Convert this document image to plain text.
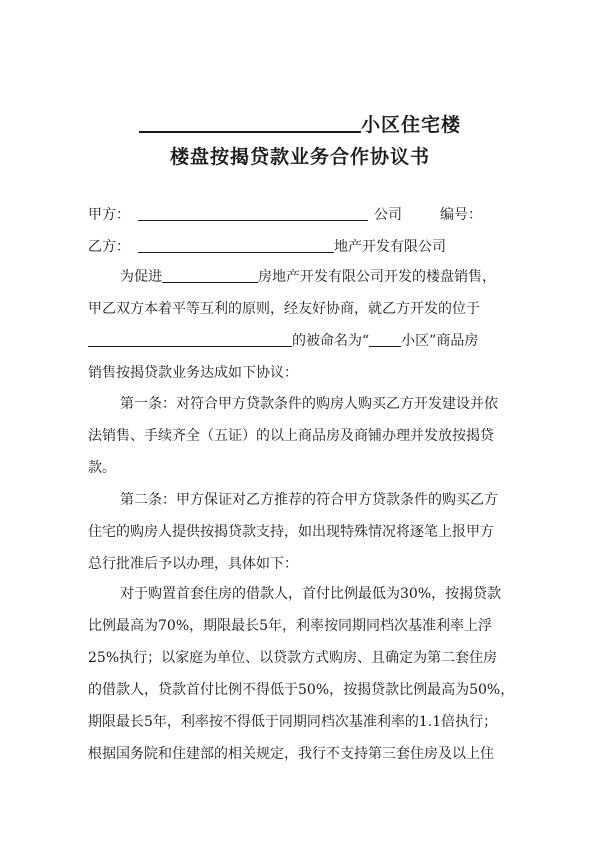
小区住宅楼
楼盘按揭贷款业务合作协议书
甲方：	公司	编号：
乙方：	地产开发有限公司
为促进	房地产开发有限公司开发的楼盘销售，
甲乙双方本着平等互利的原则，经友好协商，就乙方开发的位于
的被命名为“ 小区”商品房
销售按揭贷款业务达成如下协议：
第一条：对符合甲方贷款条件的购房人购买乙方开发建设并依
法销售、手续齐全（五证）的以上商品房及商铺办理并发放按揭贷
款。
第二条：甲方保证对乙方推荐的符合甲方贷款条件的购买乙方
住宅的购房人提供按揭贷款支持，如出现特殊情况将逐笔上报甲方
总行批准后予以办理，具体如下：
对于购置首套住房的借款人，首付比例最低为30%，按揭贷款
比例最高为70%，期限最长5年，利率按同期同档次基准利率上浮
25%执行；以家庭为单位、以贷款方式购房、且确定为第二套住房
的借款人，贷款首付比例不得低于50%，按揭贷款比例最高为50%，
期限最长5年，利率按不得低于同期同档次基准利率的1.1倍执行；
根据国务院和住建部的相关规定，我行不支持第三套住房及以上住
